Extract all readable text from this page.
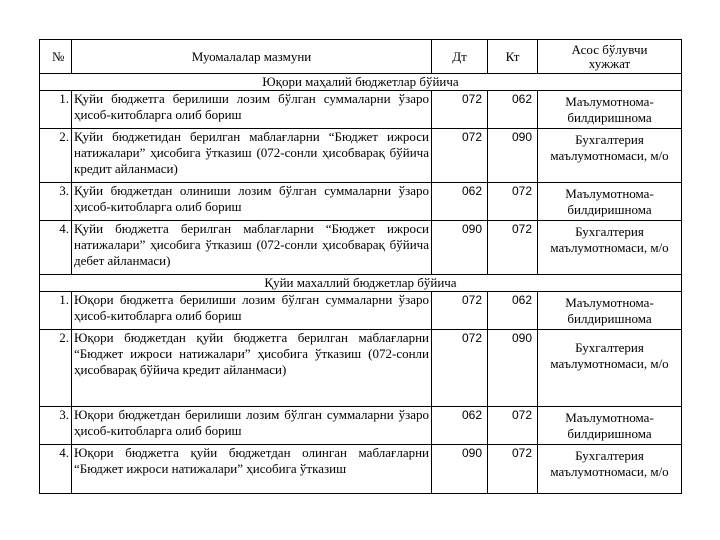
№	Муомалалар мазмуни	Дт	Кт	Асос бўлувчи хужжат
Юқори маҳалий бюджетлар бўйича				
1.	Қуйи бюджетга берилиши лозим бўлган суммаларни ўзаро ҳисоб-китобларга олиб бориш	072	062	Маълумотнома-билдиришнома
2.	Қуйи бюджетидан берилган маблағларни “Бюджет ижроси натижалари” ҳисобига ўтказиш (072-сонли ҳисобварақ бўйича кредит айланмаси)	072	090	Бухгалтерия маълумотномаси, м/о
3.	Қуйи бюджетдан олиниши лозим бўлган суммаларни ўзаро ҳисоб-китобларга олиб бориш	062	072	Маълумотнома-билдиришнома
4.	Қуйи бюджетга берилган маблағларни “Бюджет ижроси натижалари” ҳисобига ўтказиш (072-сонли ҳисобварақ бўйича дебет айланмаси)	090	072	Бухгалтерия маълумотномаси, м/о
Қуйи махаллий бюджетлар бўйича				
1.	Юқори бюджетга берилиши лозим бўлган суммаларни ўзаро ҳисоб-китобларга олиб бориш	072	062	Маълумотнома-билдиришнома
2.	Юқори бюджетдан қуйи бюджетга берилган маблағларни “Бюджет ижроси натижалари” ҳисобига ўтказиш (072-сонли ҳисобварақ бўйича кредит айланмаси)	072	090	Бухгалтерия маълумотномаси, м/о
3.	Юқори бюджетдан берилиши лозим бўлган суммаларни ўзаро ҳисоб-китобларга олиб бориш	062	072	Маълумотнома-билдиришнома
4.	Юқори бюджетга қуйи бюджетдан олинган маблағларни “Бюджет ижроси натижалари” ҳисобига ўтказиш	090	072	Бухгалтерия маълумотномаси, м/о
